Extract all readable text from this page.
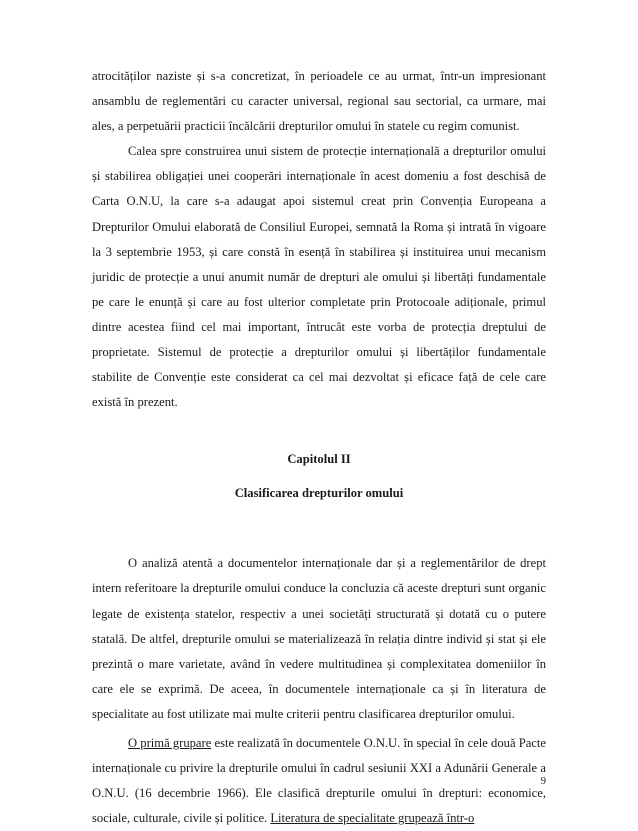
atrocităților naziste și s-a concretizat, în perioadele ce au urmat, într-un impresionant ansamblu de reglementări cu caracter universal, regional sau sectorial, ca urmare, mai ales, a perpetuării practicii încălcării drepturilor omului în statele cu regim comunist.

Calea spre construirea unui sistem de protecție internațională a drepturilor omului și stabilirea obligației unei cooperări internaționale în acest domeniu a fost deschisă de Carta O.N.U, la care s-a adaugat apoi sistemul creat prin Convenția Europeana a Drepturilor Omului elaborată de Consiliul Europei, semnată la Roma și intrată în vigoare la 3 septembrie 1953, și care constă în esență în stabilirea și instituirea unui mecanism juridic de protecție a unui anumit număr de drepturi ale omului și libertăți fundamentale pe care le enunță și care au fost ulterior completate prin Protocoale adiționale, primul dintre acestea fiind cel mai important, întrucât este vorba de protecția dreptului de proprietate. Sistemul de protecție a drepturilor omului și libertăților fundamentale stabilite de Convenție este considerat ca cel mai dezvoltat și eficace față de cele care există în prezent.

Capitolul II
Clasificarea drepturilor omului

O analiză atentă a documentelor internaționale dar și a reglementărilor de drept intern referitoare la drepturile omului conduce la concluzia că aceste drepturi sunt organic legate de existența statelor, respectiv a unei societăți structurată și dotată cu o putere statală. De altfel, drepturile omului se materializează în relația dintre individ și stat și ele prezintă o mare varietate, având în vedere multitudinea și complexitatea domeniilor în care ele se exprimă. De aceea, în documentele internaționale ca și în literatura de specialitate au fost utilizate mai multe criterii pentru clasificarea drepturilor omului.

O primă grupare este realizată în documentele O.N.U. în special în cele două Pacte internaționale cu privire la drepturile omului în cadrul sesiunii XXI a Adunării Generale a O.N.U. (16 decembrie 1966). Ele clasifică drepturile omului în drepturi: economice, sociale, culturale, civile și politice. Literatura de specialitate grupează într-o

9
